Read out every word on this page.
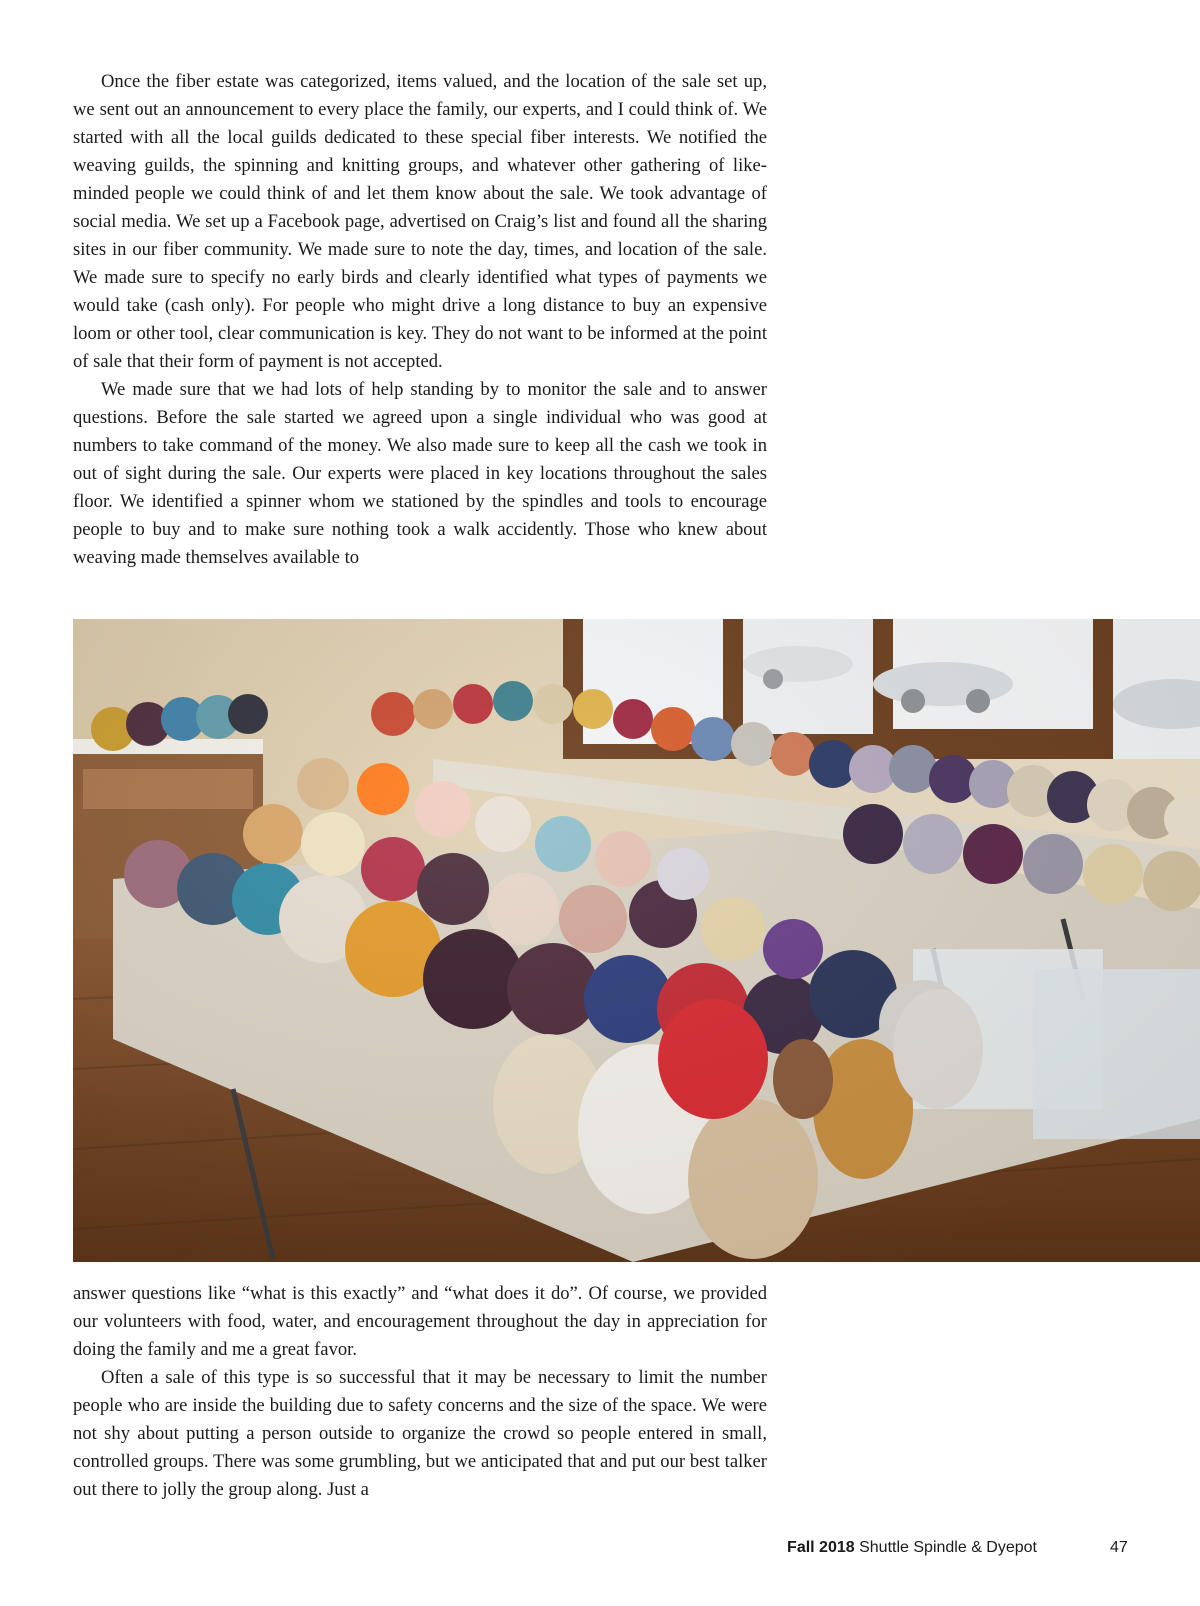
Once the fiber estate was categorized, items valued, and the location of the sale set up, we sent out an announcement to every place the family, our experts, and I could think of. We started with all the local guilds dedicated to these special fiber interests. We notified the weaving guilds, the spinning and knitting groups, and whatever other gathering of like-minded people we could think of and let them know about the sale. We took advantage of social media. We set up a Facebook page, advertised on Craig’s list and found all the sharing sites in our fiber community. We made sure to note the day, times, and location of the sale. We made sure to specify no early birds and clearly identified what types of payments we would take (cash only). For people who might drive a long distance to buy an expensive loom or other tool, clear communication is key. They do not want to be informed at the point of sale that their form of payment is not accepted.

We made sure that we had lots of help standing by to monitor the sale and to answer questions. Before the sale started we agreed upon a single individual who was good at numbers to take command of the money. We also made sure to keep all the cash we took in out of sight during the sale. Our experts were placed in key locations throughout the sales floor. We identified a spinner whom we stationed by the spindles and tools to encourage people to buy and to make sure nothing took a walk accidently. Those who knew about weaving made themselves available to

answer questions like “what is this exactly” and “what does it do”. Of course, we provided our volunteers with food, water, and encouragement throughout the day in appreciation for doing the family and me a great favor.

Often a sale of this type is so successful that it may be necessary to limit the number people who are inside the building due to safety concerns and the size of the space. We were not shy about putting a person outside to organize the crowd so people entered in small, controlled groups. There was some grumbling, but we anticipated that and put our best talker out there to jolly the group along. Just a

Fall 2018 Shuttle Spindle & Dyepot	47
